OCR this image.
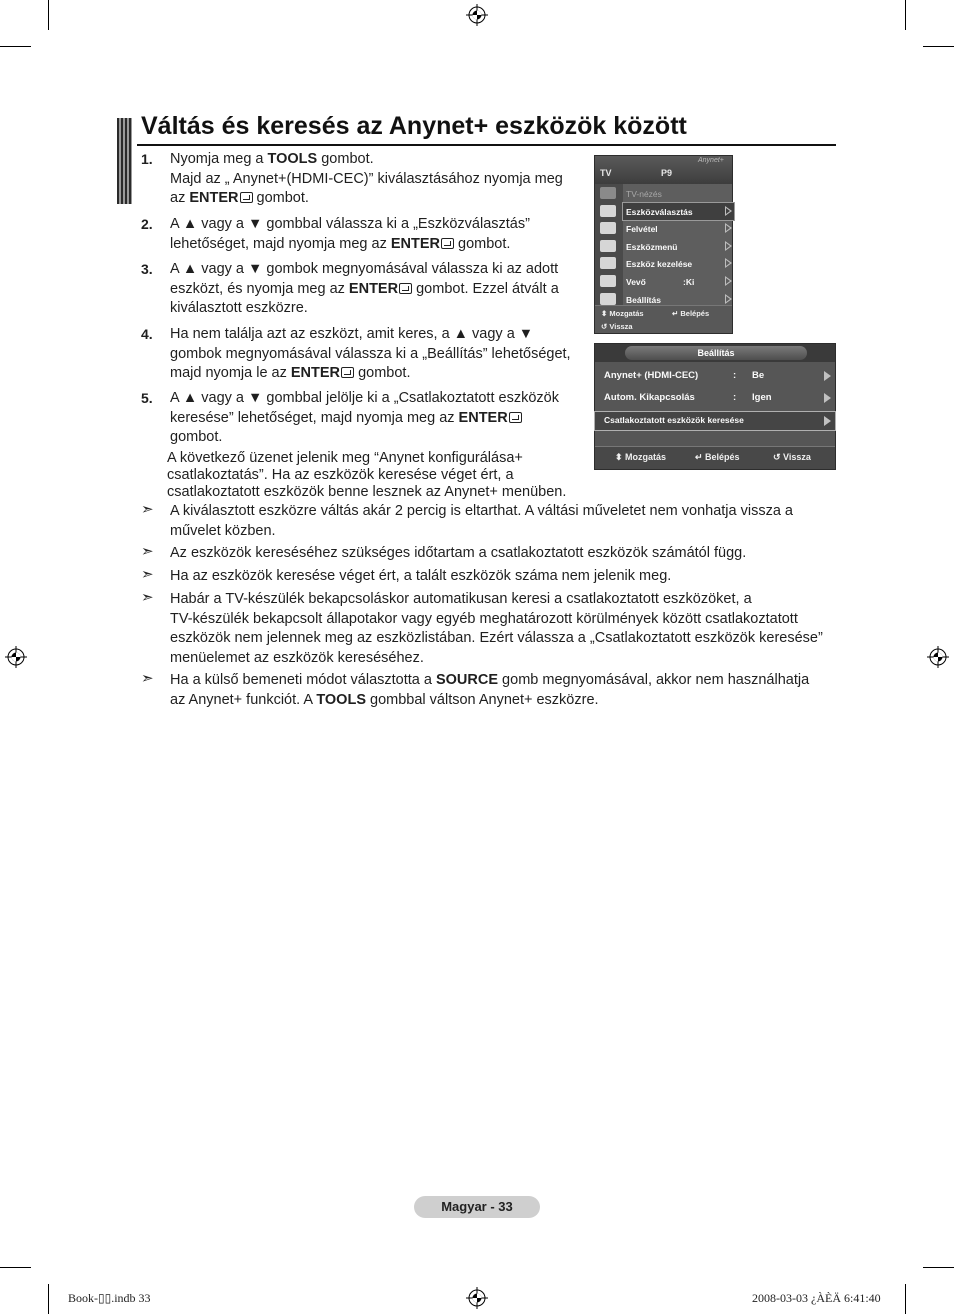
Váltás és keresés az Anynet+ eszközök között
1. Nyomja meg a TOOLS gombot.
Majd az „ Anynet+(HDMI-CEC)” kiválasztásához nyomja meg
az ENTER gombot.
2. A ▲ vagy a ▼ gombbal válassza ki a „Eszközválasztás”
lehetőséget, majd nyomja meg az ENTER gombot.
3. A ▲ vagy a ▼ gombok megnyomásával válassza ki az adott
eszközt, és nyomja meg az ENTER gombot. Ezzel átvált a
kiválasztott eszközre.
4. Ha nem találja azt az eszközt, amit keres, a ▲ vagy a ▼
gombok megnyomásával válassza ki a „Beállítás” lehetőséget,
majd nyomja le az ENTER gombot.
5. A ▲ vagy a ▼ gombbal jelölje ki a „Csatlakoztatott eszközök
keresése” lehetőséget, majd nyomja meg az ENTER
gombot.
A következő üzenet jelenik meg “Anynet konfigurálása+
csatlakoztatás”. Ha az eszközök keresése véget ért, a
csatlakoztatott eszközök benne lesznek az Anynet+ menüben.
➣ A kiválasztott eszközre váltás akár 2 percig is eltarthat. A váltási műveletet nem vonhatja vissza a
művelet közben.
➣ Az eszközök kereséséhez szükséges időtartam a csatlakoztatott eszközök számától függ.
➣ Ha az eszközök keresése véget ért, a talált eszközök száma nem jelenik meg.
➣ Habár a TV-készülék bekapcsoláskor automatikusan keresi a csatlakoztatott eszközöket, a
TV-készülék bekapcsolt állapotakor vagy egyéb meghatározott körülmények között csatlakoztatott
eszközök nem jelennek meg az eszközlistában. Ezért válassza a „Csatlakoztatott eszközök keresése”
menüelemet az eszközök kereséséhez.
➣ Ha a külső bemeneti módot választotta a SOURCE gomb megnyomásával, akkor nem használhatja
az Anynet+ funkciót. A TOOLS gombbal váltson Anynet+ eszközre.
TV	P9
Anynet+
TV-nézés
Eszközválasztás
Felvétel
Eszközmenü
Eszköz kezelése
Vevő	:Ki
Beállítás
⬍ Mozgatás	↵ Belépés
↺ Vissza
Beállítás
Anynet+ (HDMI-CEC)	: Be
Autom. Kikapcsolás	: Igen
Csatlakoztatott eszközök keresése
⬍ Mozgatás	↵ Belépés	↺ Vissza
Magyar - 33
Book-▯▯.indb 33	2008-03-03 ¿ÀÈÄ 6:41:40
